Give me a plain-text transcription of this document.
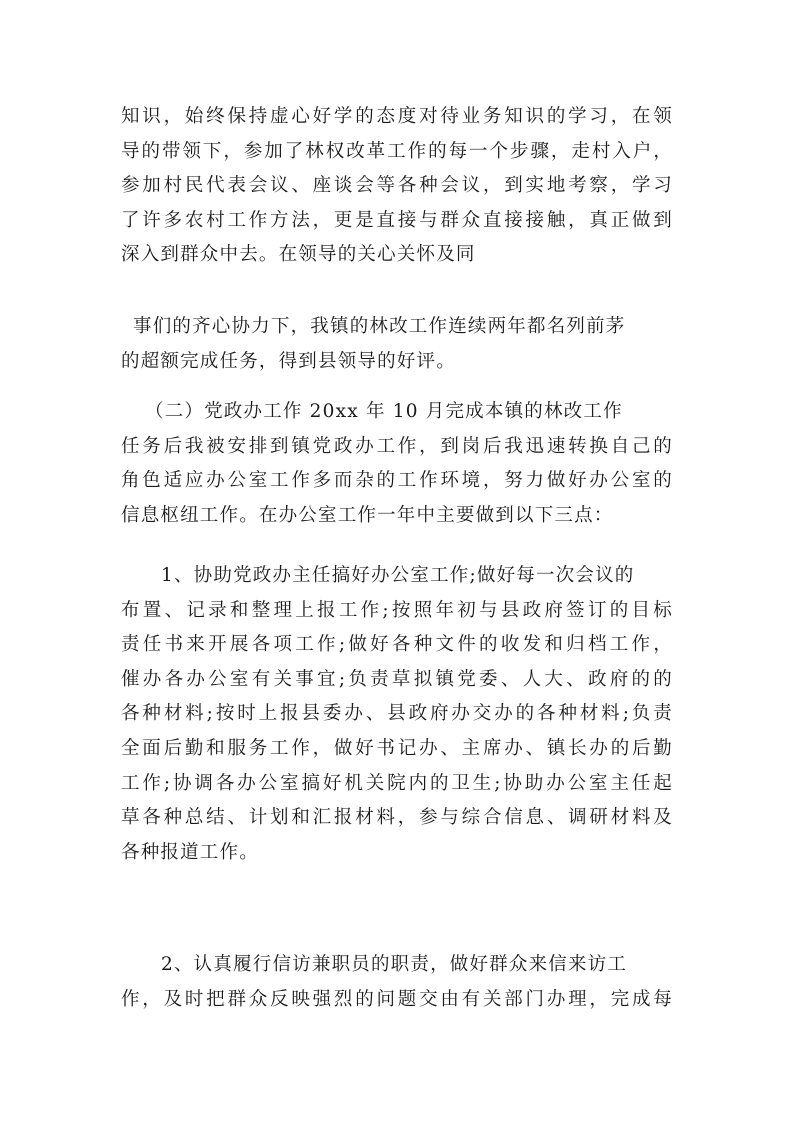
知识，始终保持虚心好学的态度对待业务知识的学习，在领
导的带领下，参加了林权改革工作的每一个步骤，走村入户，
参加村民代表会议、座谈会等各种会议，到实地考察，学习
了许多农村工作方法，更是直接与群众直接接触，真正做到
深入到群众中去。在领导的关心关怀及同
事们的齐心协力下，我镇的林改工作连续两年都名列前茅
的超额完成任务，得到县领导的好评。
（二）党政办工作 20xx 年 10 月完成本镇的林改工作
任务后我被安排到镇党政办工作，到岗后我迅速转换自己的
角色适应办公室工作多而杂的工作环境，努力做好办公室的
信息枢纽工作。在办公室工作一年中主要做到以下三点：
1、协助党政办主任搞好办公室工作;做好每一次会议的
布置、记录和整理上报工作;按照年初与县政府签订的目标
责任书来开展各项工作;做好各种文件的收发和归档工作，
催办各办公室有关事宜;负责草拟镇党委、人大、政府的的
各种材料;按时上报县委办、县政府办交办的各种材料;负责
全面后勤和服务工作，做好书记办、主席办、镇长办的后勤
工作;协调各办公室搞好机关院内的卫生;协助办公室主任起
草各种总结、计划和汇报材料，参与综合信息、调研材料及
各种报道工作。
2、认真履行信访兼职员的职责，做好群众来信来访工
作，及时把群众反映强烈的问题交由有关部门办理，完成每
